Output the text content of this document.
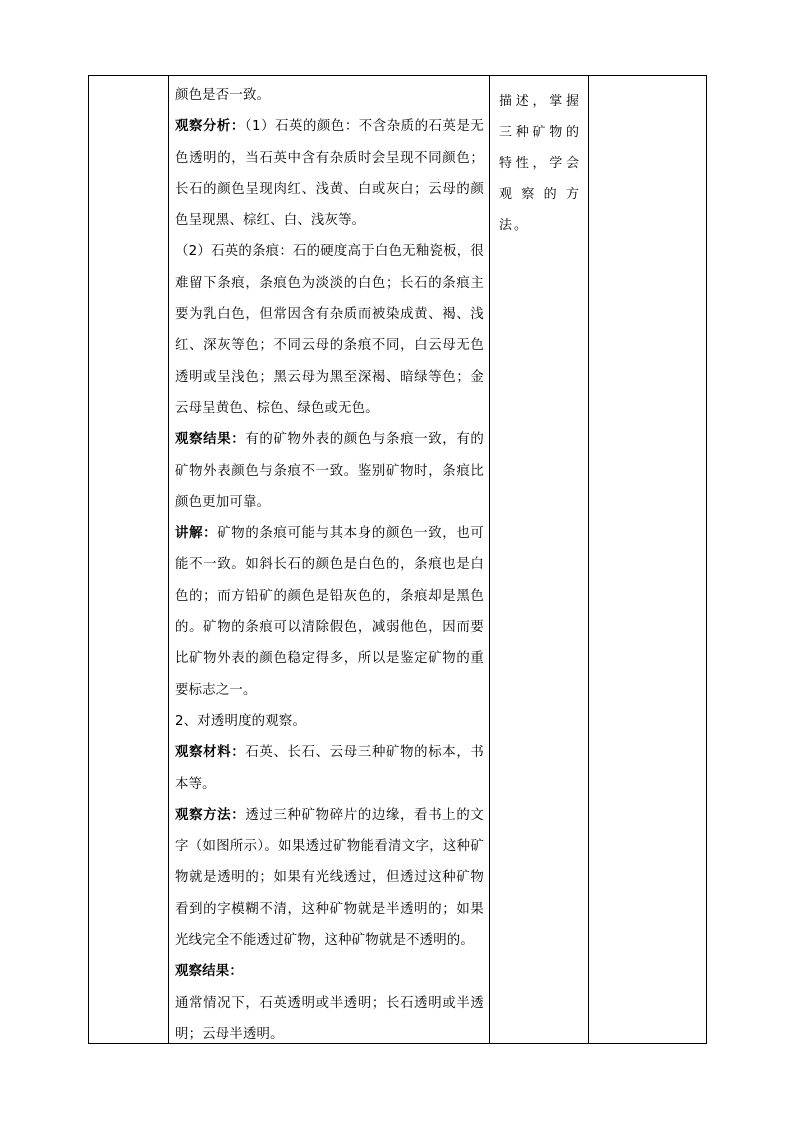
颜色是否一致。

观察分析：（1）石英的颜色：不含杂质的石英是无色透明的，当石英中含有杂质时会呈现不同颜色；长石的颜色呈现肉红、浅黄、白或灰白；云母的颜色呈现黑、棕红、白、浅灰等。

（2）石英的条痕：石的硬度高于白色无釉瓷板，很难留下条痕，条痕色为淡淡的白色；长石的条痕主要为乳白色，但常因含有杂质而被染成黄、褐、浅红、深灰等色；不同云母的条痕不同，白云母无色透明或呈浅色；黑云母为黑至深褐、暗绿等色；金云母呈黄色、棕色、绿色或无色。

观察结果：有的矿物外表的颜色与条痕一致，有的矿物外表颜色与条痕不一致。鉴别矿物时，条痕比颜色更加可靠。

讲解：矿物的条痕可能与其本身的颜色一致，也可能不一致。如斜长石的颜色是白色的，条痕也是白色的；而方铅矿的颜色是铅灰色的，条痕却是黑色的。矿物的条痕可以清除假色，减弱他色，因而要比矿物外表的颜色稳定得多，所以是鉴定矿物的重要标志之一。

2、对透明度的观察。

观察材料：石英、长石、云母三种矿物的标本，书本等。

观察方法：透过三种矿物碎片的边缘，看书上的文字（如图所示）。如果透过矿物能看清文字，这种矿物就是透明的；如果有光线透过，但透过这种矿物看到的字模糊不清，这种矿物就是半透明的；如果光线完全不能透过矿物，这种矿物就是不透明的。

观察结果：

通常情况下，石英透明或半透明；长石透明或半透明；云母半透明。

描述，掌握三种矿物的特性，学会观察的方法。
